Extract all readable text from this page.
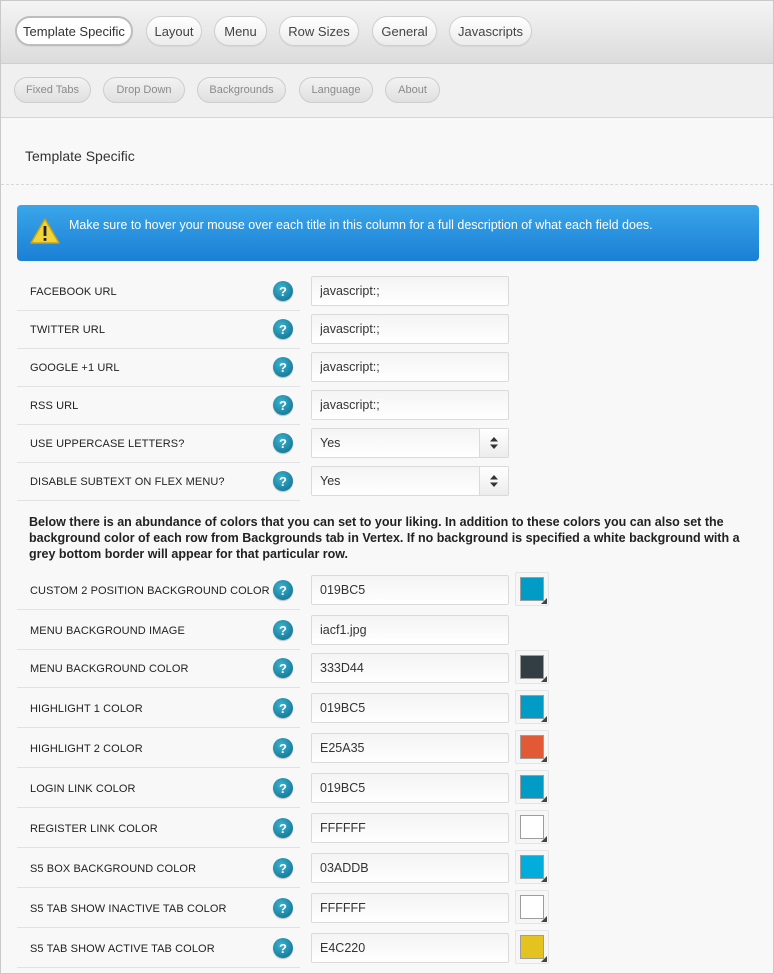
Template Specific	Layout	Menu	Row Sizes	General	Javascripts
Fixed Tabs	Drop Down	Backgrounds	Language	About
Template Specific
Make sure to hover your mouse over each title in this column for a full description of what each field does.
FACEBOOK URL	?
javascript:;
TWITTER URL	?
javascript:;
GOOGLE +1 URL	?
javascript:;
RSS URL	?
javascript:;
USE UPPERCASE LETTERS?	?	Yes
DISABLE SUBTEXT ON FLEX MENU?	?	Yes
Below there is an abundance of colors that you can set to your liking. In addition to these colors you can also set the background color of each row from Backgrounds tab in Vertex. If no background is specified a white background with a grey bottom border will appear for that particular row.
CUSTOM 2 POSITION BACKGROUND COLOR ?
019BC5
MENU BACKGROUND IMAGE	?
iacf1.jpg
MENU BACKGROUND COLOR	?
333D44
HIGHLIGHT 1 COLOR	?
019BC5
HIGHLIGHT 2 COLOR	?
E25A35
LOGIN LINK COLOR	?
019BC5
REGISTER LINK COLOR	?
FFFFFF
S5 BOX BACKGROUND COLOR	?
03ADDB
S5 TAB SHOW INACTIVE TAB COLOR	?
FFFFFF
S5 TAB SHOW ACTIVE TAB COLOR	?
E4C220
